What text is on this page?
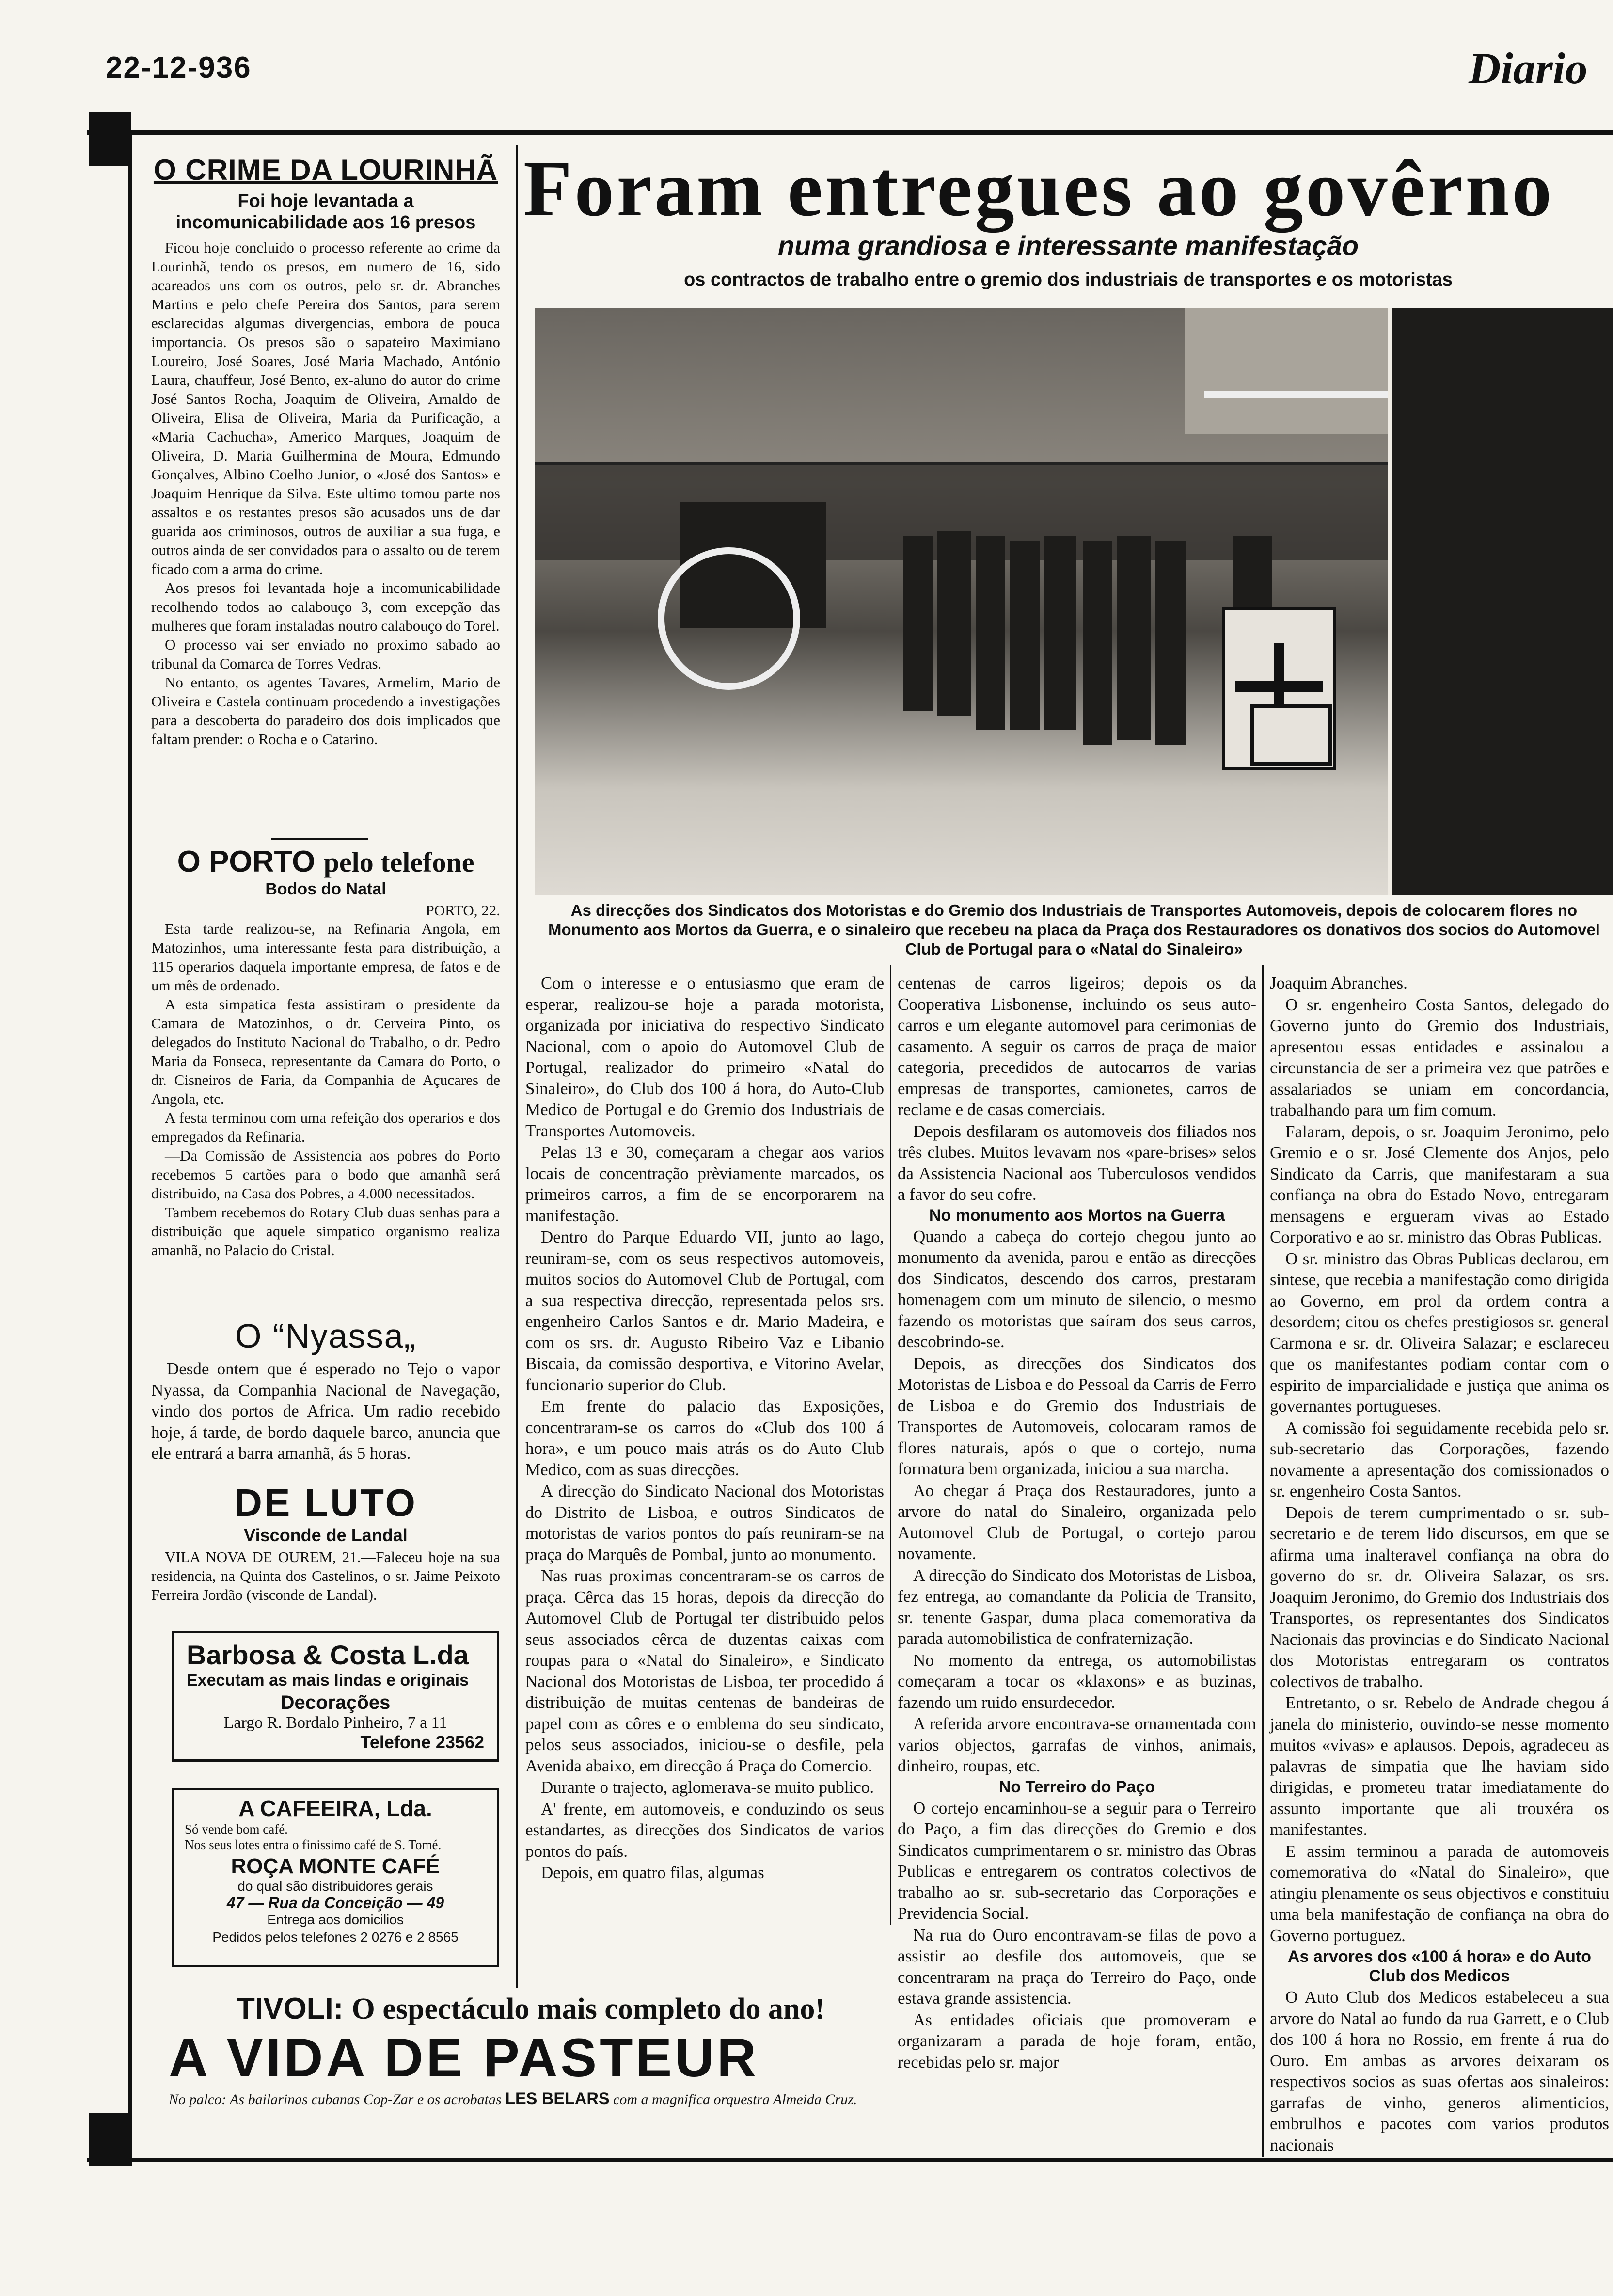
22-12-936	Diario
O CRIME DA LOURINHÃ
Foi hoje levantada a incomunicabilidade aos 16 presos

Ficou hoje concluido o processo referente ao crime da Lourinhã, tendo os presos, em numero de 16, sido acareados uns com os outros, pelo sr. dr. Abranches Martins e pelo chefe Pereira dos Santos, para serem esclarecidas algumas divergencias, embora de pouca importancia. Os presos são o sapateiro Maximiano Loureiro, José Soares, José Maria Machado, António Laura, chauffeur, José Bento, ex-aluno do autor do crime José Santos Rocha, Joaquim de Oliveira, Arnaldo de Oliveira, Elisa de Oliveira, Maria da Purificação, a «Maria Cachucha», Americo Marques, Joaquim de Oliveira, D. Maria Guilhermina de Moura, Edmundo Gonçalves, Albino Coelho Junior, o «José dos Santos» e Joaquim Henrique da Silva. Este ultimo tomou parte nos assaltos e os restantes presos são acusados uns de dar guarida aos criminosos, outros de auxiliar a sua fuga, e outros ainda de ser convidados para o assalto ou de terem ficado com a arma do crime.

Aos presos foi levantada hoje a incomunicabilidade recolhendo todos ao calabouço 3, com excepção das mulheres que foram instaladas noutro calabouço do Torel.

O processo vai ser enviado no proximo sabado ao tribunal da Comarca de Torres Vedras.

No entanto, os agentes Tavares, Armelim, Mario de Oliveira e Castela continuam procedendo a investigações para a descoberta do paradeiro dos dois implicados que faltam prender: o Rocha e o Catarino.

O PORTO pelo telefone
Bodos do Natal
PORTO, 22.

Esta tarde realizou-se, na Refinaria Angola, em Matozinhos, uma interessante festa para distribuição, a 115 operarios daquela importante empresa, de fatos e de um mês de ordenado.

A esta simpatica festa assistiram o presidente da Camara de Matozinhos, o dr. Cerveira Pinto, os delegados do Instituto Nacional do Trabalho, o dr. Pedro Maria da Fonseca, representante da Camara do Porto, o dr. Cisneiros de Faria, da Companhia de Açucares de Angola, etc.

A festa terminou com uma refeição dos operarios e dos empregados da Refinaria.

—Da Comissão de Assistencia aos pobres do Porto recebemos 5 cartões para o bodo que amanhã será distribuido, na Casa dos Pobres, a 4.000 necessitados.

Tambem recebemos do Rotary Club duas senhas para a distribuição que aquele simpatico organismo realiza amanhã, no Palacio do Cristal.

O “Nyassa„

Desde ontem que é esperado no Tejo o vapor Nyassa, da Companhia Nacional de Navegação, vindo dos portos de Africa. Um radio recebido hoje, á tarde, de bordo daquele barco, anuncia que ele entrará a barra amanhã, ás 5 horas.

DE LUTO
Visconde de Landal

VILA NOVA DE OUREM, 21.—Faleceu hoje na sua residencia, na Quinta dos Castelinos, o sr. Jaime Peixoto Ferreira Jordão (visconde de Landal).

Barbosa & Costa L.da
Executam as mais lindas e originais
Decorações
Largo R. Bordalo Pinheiro, 7 a 11
Telefone 23562
A CAFEEIRA, Lda.
Só vende bom café.
Nos seus lotes entra o finissimo café de S. Tomé.
ROÇA MONTE CAFÉ
do qual são distribuidores gerais
47 — Rua da Conceição — 49
Entrega aos domicilios
Pedidos pelos telefones 2 0276 e 2 8565
TIVOLI: O espectáculo mais completo do ano!
A VIDA DE PASTEUR
No palco: As bailarinas cubanas Cop-Zar e os acrobatas LES BELARS com a magnifica orquestra Almeida Cruz.
Foram entregues ao govêrno
numa grandiosa e interessante manifestação
os contractos de trabalho entre o gremio dos industriais de transportes e os motoristas
As direcções dos Sindicatos dos Motoristas e do Gremio dos Industriais de Transportes Automoveis, depois de colocarem flores no Monumento aos Mortos da Guerra, e o sinaleiro que recebeu na placa da Praça dos Restauradores os donativos dos socios do Automovel Club de Portugal para o «Natal do Sinaleiro»

Com o interesse e o entusiasmo que eram de esperar, realizou-se hoje a parada motorista, organizada por iniciativa do respectivo Sindicato Nacional, com o apoio do Automovel Club de Portugal, realizador do primeiro «Natal do Sinaleiro», do Club dos 100 á hora, do Auto-Club Medico de Portugal e do Gremio dos Industriais de Transportes Automoveis.

Pelas 13 e 30, começaram a chegar aos varios locais de concentração prèviamente marcados, os primeiros carros, a fim de se encorporarem na manifestação.

Dentro do Parque Eduardo VII, junto ao lago, reuniram-se, com os seus respectivos automoveis, muitos socios do Automovel Club de Portugal, com a sua respectiva direcção, representada pelos srs. engenheiro Carlos Santos e dr. Mario Madeira, e com os srs. dr. Augusto Ribeiro Vaz e Libanio Biscaia, da comissão desportiva, e Vitorino Avelar, funcionario superior do Club.

Em frente do palacio das Exposições, concentraram-se os carros do «Club dos 100 á hora», e um pouco mais atrás os do Auto Club Medico, com as suas direcções.

A direcção do Sindicato Nacional dos Motoristas do Distrito de Lisboa, e outros Sindicatos de motoristas de varios pontos do país reuniram-se na praça do Marquês de Pombal, junto ao monumento.

Nas ruas proximas concentraram-se os carros de praça. Cêrca das 15 horas, depois da direcção do Automovel Club de Portugal ter distribuido pelos seus associados cêrca de duzentas caixas com roupas para o «Natal do Sinaleiro», e Sindicato Nacional dos Motoristas de Lisboa, ter procedido á distribuição de muitas centenas de bandeiras de papel com as côres e o emblema do seu sindicato, pelos seus associados, iniciou-se o desfile, pela Avenida abaixo, em direcção á Praça do Comercio.

Durante o trajecto, aglomerava-se muito publico.

A' frente, em automoveis, e conduzindo os seus estandartes, as direcções dos Sindicatos de varios pontos do país.

Depois, em quatro filas, algumas

centenas de carros ligeiros; depois os da Cooperativa Lisbonense, incluindo os seus auto-carros e um elegante automovel para cerimonias de casamento. A seguir os carros de praça de maior categoria, precedidos de autocarros de varias empresas de transportes, camionetes, carros de reclame e de casas comerciais.

Depois desfilaram os automoveis dos filiados nos três clubes. Muitos levavam nos «pare-brises» selos da Assistencia Nacional aos Tuberculosos vendidos a favor do seu cofre.

No monumento aos Mortos na Guerra

Quando a cabeça do cortejo chegou junto ao monumento da avenida, parou e então as direcções dos Sindicatos, descendo dos carros, prestaram homenagem com um minuto de silencio, o mesmo fazendo os motoristas que saíram dos seus carros, descobrindo-se.

Depois, as direcções dos Sindicatos dos Motoristas de Lisboa e do Pessoal da Carris de Ferro de Lisboa e do Gremio dos Industriais de Transportes de Automoveis, colocaram ramos de flores naturais, após o que o cortejo, numa formatura bem organizada, iniciou a sua marcha.

Ao chegar á Praça dos Restauradores, junto a arvore do natal do Sinaleiro, organizada pelo Automovel Club de Portugal, o cortejo parou novamente.

A direcção do Sindicato dos Motoristas de Lisboa, fez entrega, ao comandante da Policia de Transito, sr. tenente Gaspar, duma placa comemorativa da parada automobilistica de confraternização.

No momento da entrega, os automobilistas começaram a tocar os «klaxons» e as buzinas, fazendo um ruido ensurdecedor.

A referida arvore encontrava-se ornamentada com varios objectos, garrafas de vinhos, animais, dinheiro, roupas, etc.

No Terreiro do Paço

O cortejo encaminhou-se a seguir para o Terreiro do Paço, a fim das direcções do Gremio e dos Sindicatos cumprimentarem o sr. ministro das Obras Publicas e entregarem os contratos colectivos de trabalho ao sr. sub-secretario das Corporações e Previdencia Social.

Na rua do Ouro encontravam-se filas de povo a assistir ao desfile dos automoveis, que se concentraram na praça do Terreiro do Paço, onde estava grande assistencia.

As entidades oficiais que promoveram e organizaram a parada de hoje foram, então, recebidas pelo sr. major

Joaquim Abranches.

O sr. engenheiro Costa Santos, delegado do Governo junto do Gremio dos Industriais, apresentou essas entidades e assinalou a circunstancia de ser a primeira vez que patrões e assalariados se uniam em concordancia, trabalhando para um fim comum.

Falaram, depois, o sr. Joaquim Jeronimo, pelo Gremio e o sr. José Clemente dos Anjos, pelo Sindicato da Carris, que manifestaram a sua confiança na obra do Estado Novo, entregaram mensagens e ergueram vivas ao Estado Corporativo e ao sr. ministro das Obras Publicas.

O sr. ministro das Obras Publicas declarou, em sintese, que recebia a manifestação como dirigida ao Governo, em prol da ordem contra a desordem; citou os chefes prestigiosos sr. general Carmona e sr. dr. Oliveira Salazar; e esclareceu que os manifestantes podiam contar com o espirito de imparcialidade e justiça que anima os governantes portugueses.

A comissão foi seguidamente recebida pelo sr. sub-secretario das Corporações, fazendo novamente a apresentação dos comissionados o sr. engenheiro Costa Santos.

Depois de terem cumprimentado o sr. sub-secretario e de terem lido discursos, em que se afirma uma inalteravel confiança na obra do governo do sr. dr. Oliveira Salazar, os srs. Joaquim Jeronimo, do Gremio dos Industriais dos Transportes, os representantes dos Sindicatos Nacionais das provincias e do Sindicato Nacional dos Motoristas entregaram os contratos colectivos de trabalho.

Entretanto, o sr. Rebelo de Andrade chegou á janela do ministerio, ouvindo-se nesse momento muitos «vivas» e aplausos. Depois, agradeceu as palavras de simpatia que lhe haviam sido dirigidas, e prometeu tratar imediatamente do assunto importante que ali trouxéra os manifestantes.

E assim terminou a parada de automoveis comemorativa do «Natal do Sinaleiro», que atingiu plenamente os seus objectivos e constituiu uma bela manifestação de confiança na obra do Governo portuguez.

As arvores dos «100 á hora» e do Auto Club dos Medicos

O Auto Club dos Medicos estabeleceu a sua arvore do Natal ao fundo da rua Garrett, e o Club dos 100 á hora no Rossio, em frente á rua do Ouro. Em ambas as arvores deixaram os respectivos socios as suas ofertas aos sinaleiros: garrafas de vinho, generos alimenticios, embrulhos e pacotes com varios produtos nacionais
